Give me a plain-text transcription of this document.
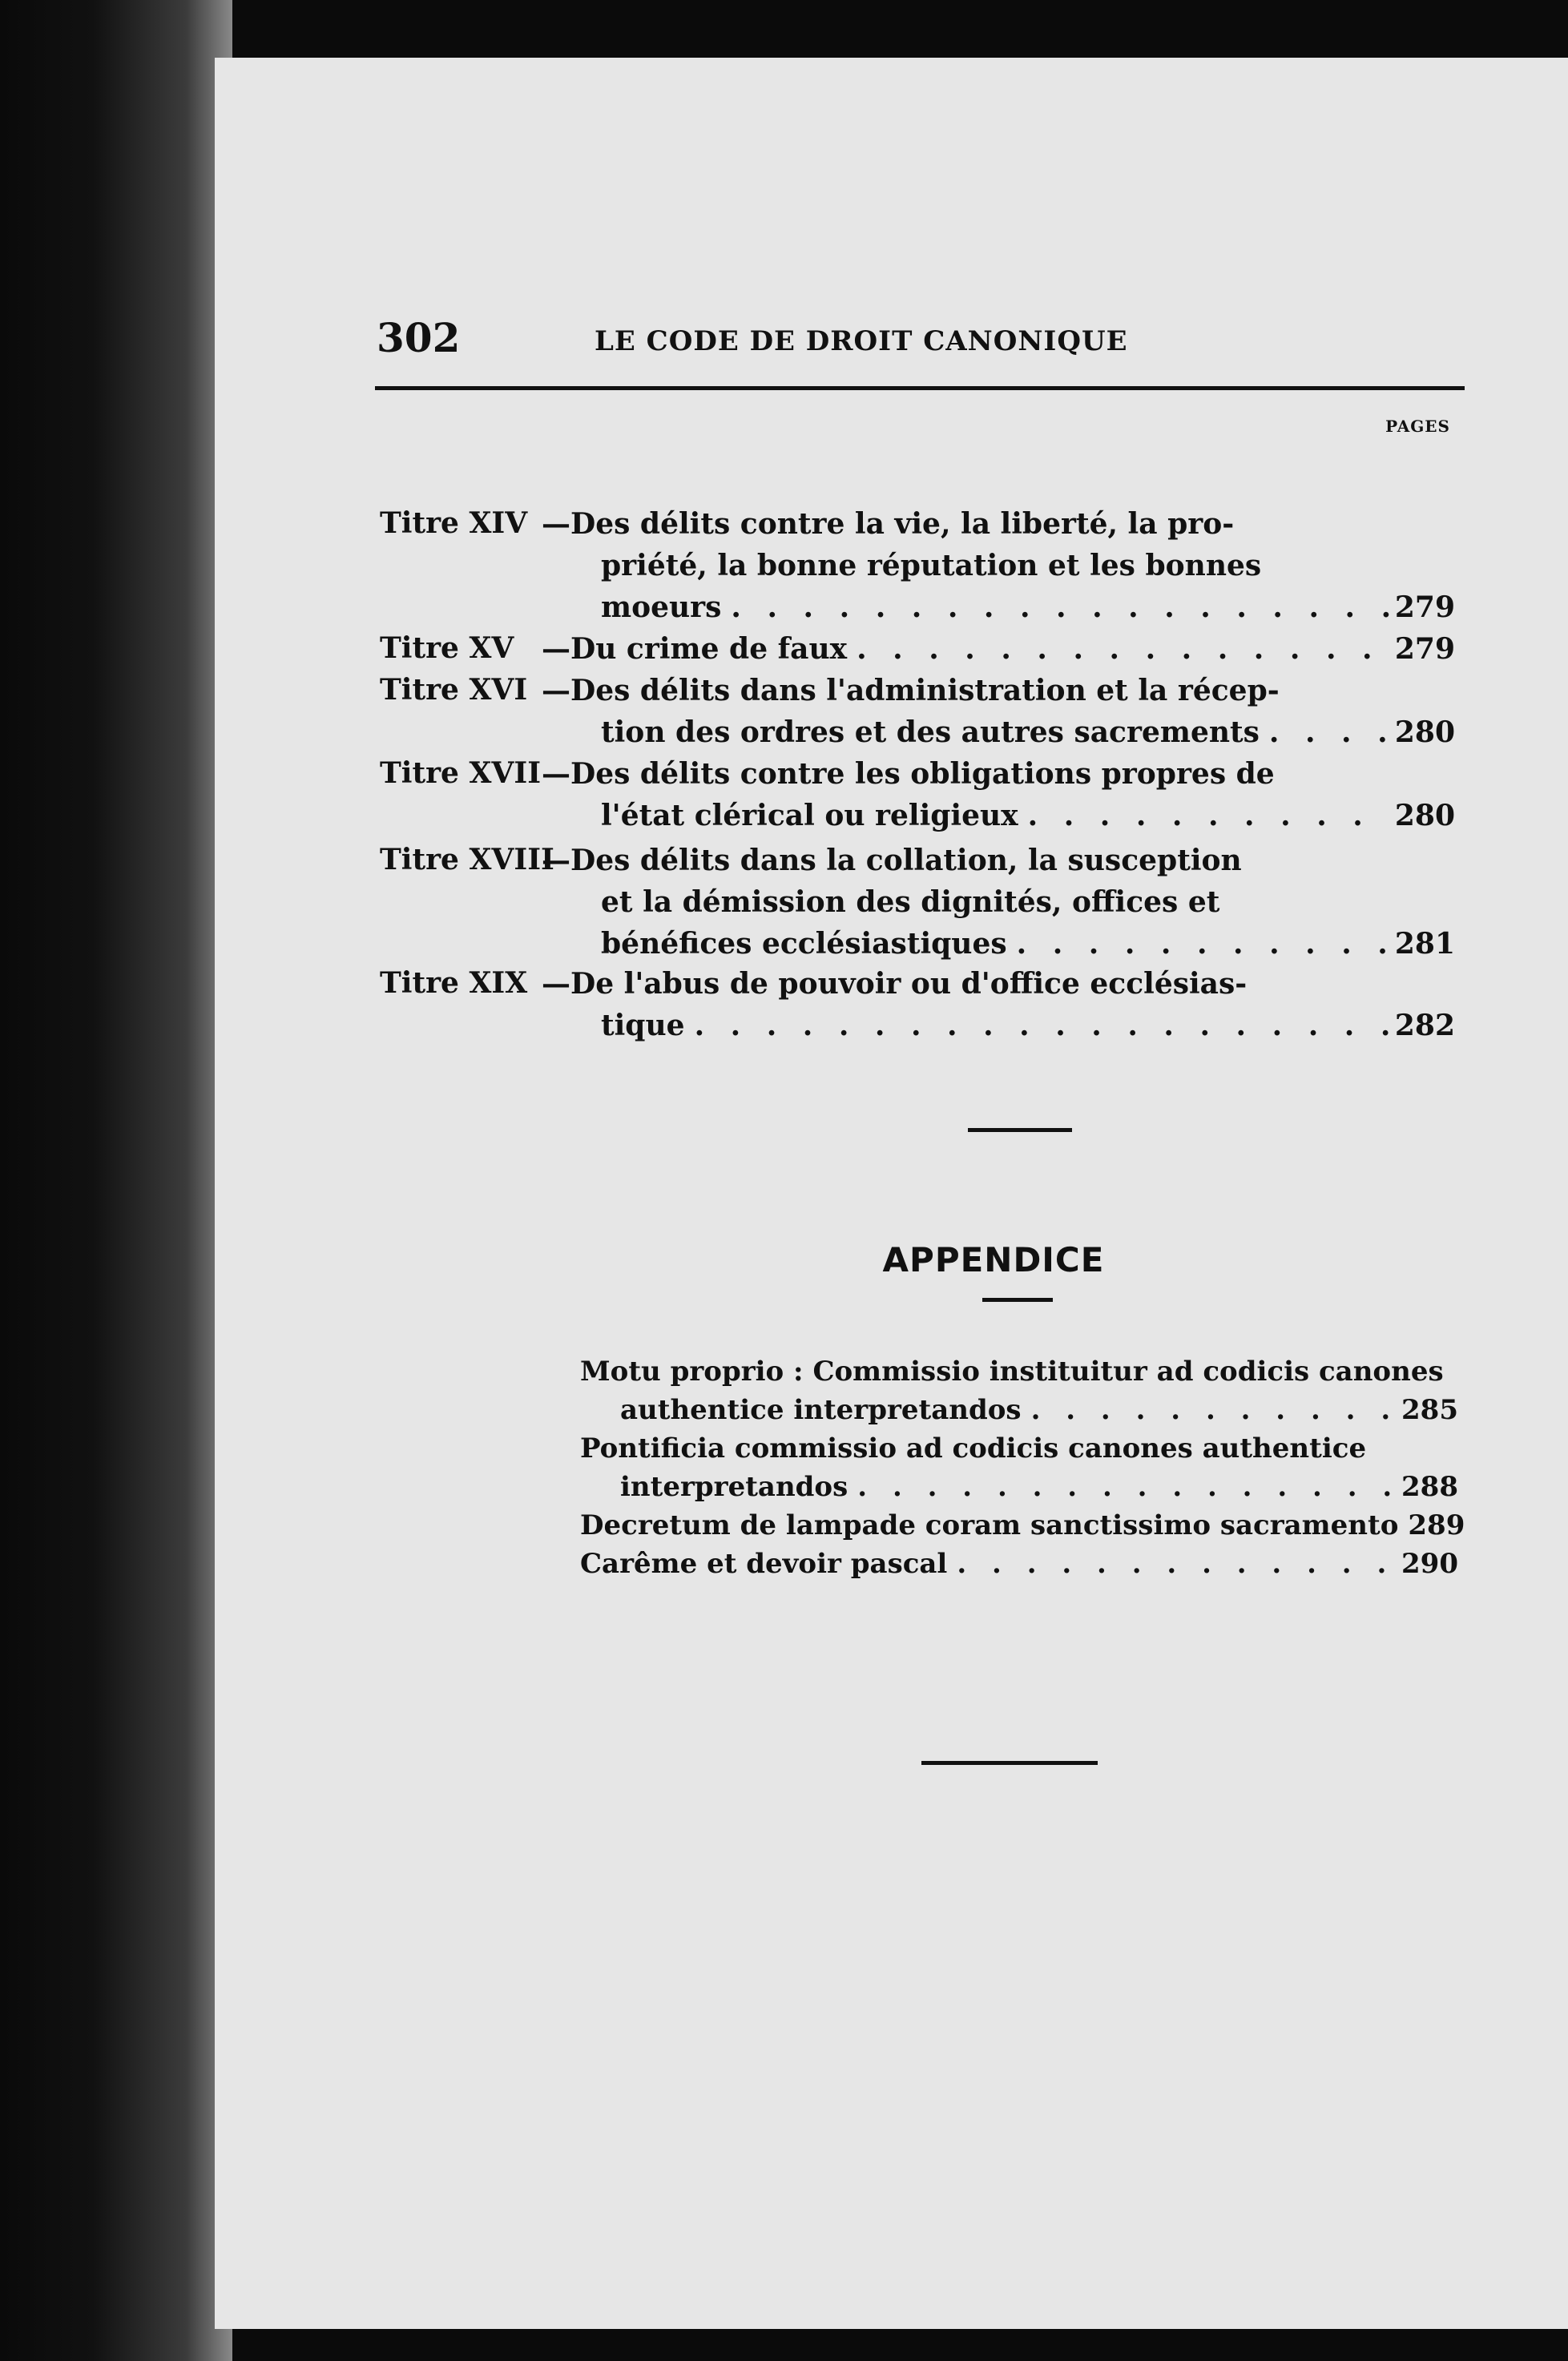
302	LE CODE DE DROIT CANONIQUE
PAGES
Titre XIV —Des délits contre la vie, la liberté, la pro-
priété, la bonne réputation et les bonnes
moeurs . . .	279
Titre XV —Du crime de faux . . .	279
Titre XVI —Des délits dans l'administration et la récep-
tion des ordres et des autres sacrements . . .	280
Titre XVII —Des délits contre les obligations propres de
l'état clérical ou religieux . . .	280
Titre XVIII
—Des délits dans la collation, la susception
et la démission des dignités, offices et
bénéfices ecclésiastiques . . .	281
Titre XIX —De l'abus de pouvoir ou d'office ecclésias-
tique . . .	282
APPENDICE
Motu proprio : Commissio instituitur ad codicis canones
authentice interpretandos . . .	285
Pontificia commissio ad codicis canones authentice
interpretandos . . .	288
Decretum de lampade coram sanctissimo sacramento . . . 289
Carême et devoir pascal . . .	290
